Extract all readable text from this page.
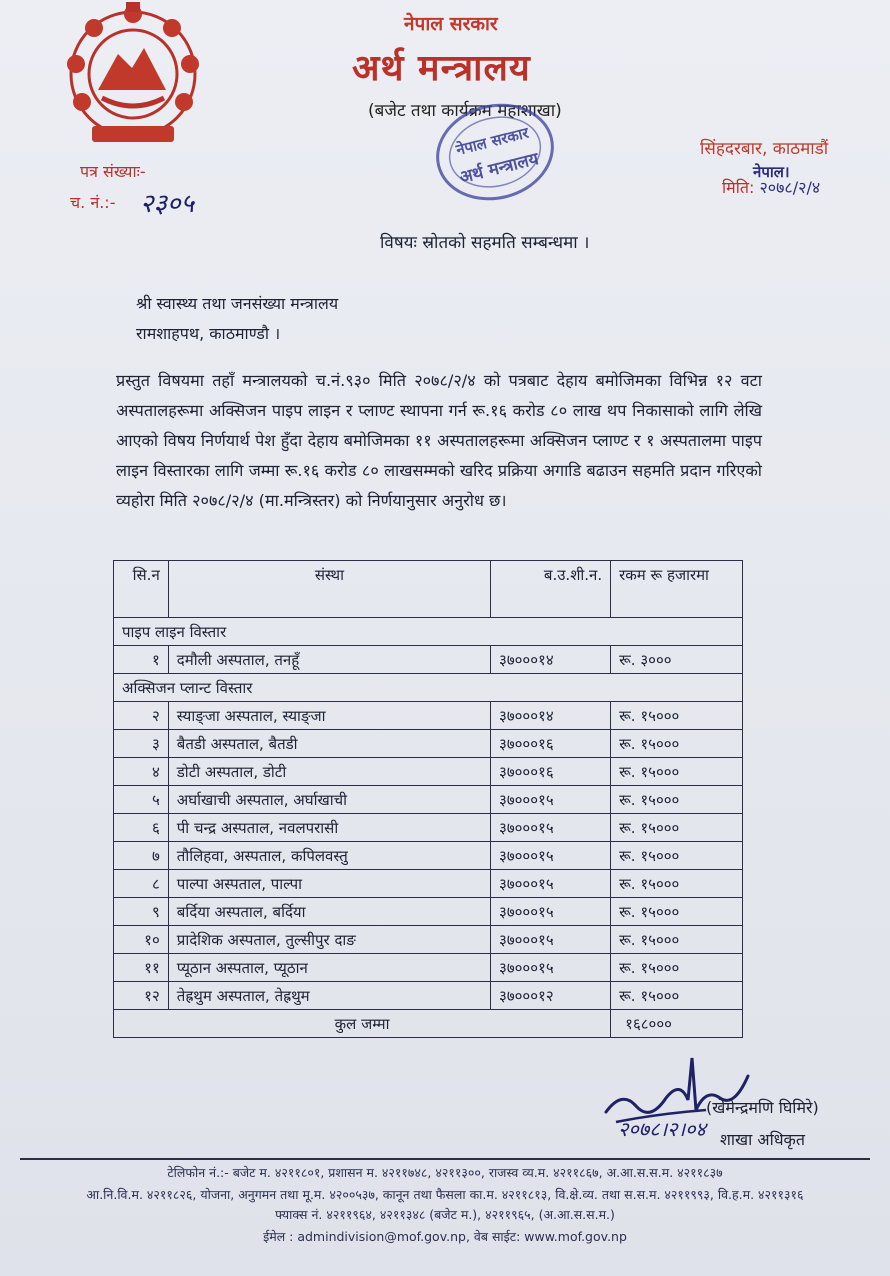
नेपाल सरकार
अर्थ मन्त्रालय
(बजेट तथा कार्यक्रम महाशाखा)
नेपाल सरकार
अर्थ मन्त्रालय
पत्र संख्याः-
च. नं.:- २३०५
सिंहदरबार, काठमाडौं
नेपाल।
मिति: २०७८/२/४
विषयः स्रोतको सहमति सम्बन्धमा ।
श्री स्वास्थ्य तथा जनसंख्या मन्त्रालय
रामशाहपथ, काठमाण्डौ ।
प्रस्तुत विषयमा तहाँ मन्त्रालयको च.नं.९३० मिति २०७८/२/४ को पत्रबाट देहाय बमोजिमका विभिन्न १२ वटा अस्पतालहरूमा अक्सिजन पाइप लाइन र प्लाण्ट स्थापना गर्न रू.१६ करोड ८० लाख थप निकासाको लागि लेखि आएको विषय निर्णयार्थ पेश हुँदा देहाय बमोजिमका ११ अस्पतालहरूमा अक्सिजन प्लाण्ट र १ अस्पतालमा पाइप लाइन विस्तारका लागि जम्मा रू.१६ करोड ८० लाखसम्मको खरिद प्रक्रिया अगाडि बढाउन सहमति प्रदान गरिएको व्यहोरा मिति २०७८/२/४ (मा.मन्त्रिस्तर) को निर्णयानुसार अनुरोध छ।
सि.न	संस्था	ब.उ.शी.न.	रकम रू हजारमा
पाइप लाइन विस्तार			
१	दमौली अस्पताल, तनहूँ	३७०००१४	रू. ३०००
अक्सिजन प्लान्ट विस्तार			
२	स्याङ्जा अस्पताल, स्याङ्जा	३७०००१४	रू. १५०००
३	बैतडी अस्पताल, बैतडी	३७०००१६	रू. १५०००
४	डोटी अस्पताल, डोटी	३७०००१६	रू. १५०००
५	अर्घाखाची अस्पताल, अर्घाखाची	३७०००१५	रू. १५०००
६	पी चन्द्र अस्पताल, नवलपरासी	३७०००१५	रू. १५०००
७	तौलिहवा, अस्पताल, कपिलवस्तु	३७०००१५	रू. १५०००
८	पाल्पा अस्पताल, पाल्पा	३७०००१५	रू. १५०००
९	बर्दिया अस्पताल, बर्दिया	३७०००१५	रू. १५०००
१०	प्रादेशिक अस्पताल, तुल्सीपुर दाङ	३७०००१५	रू. १५०००
११	प्यूठान अस्पताल, प्यूठान	३७०००१५	रू. १५०००
१२	तेह्रथुम अस्पताल, तेह्रथुम	३७०००१२	रू. १५०००
कुल जम्मा			१६८०००
२०७८।२।०४
(खेमेन्द्रमणि घिमिरे)
शाखा अधिकृत
टेलिफोन नं.:- बजेट म. ४२११८०१, प्रशासन म. ४२११७४८, ४२११३००, राजस्व व्य.म. ४२११८६७, अ.आ.स.स.म. ४२११८३७
आ.नि.वि.म. ४२११८२६, योजना, अनुगमन तथा मू.म. ४२००५३७, कानून तथा फैसला का.म. ४२११८१३, वि.क्षे.व्य. तथा स.स.म. ४२११९९३, वि.ह.म. ४२११३१६
फ्याक्स नं. ४२११९६४, ४२११३४८ (बजेट म.), ४२११९६५, (अ.आ.स.स.म.)
ईमेल : admindivision@mof.gov.np, वेब साईट: www.mof.gov.np
